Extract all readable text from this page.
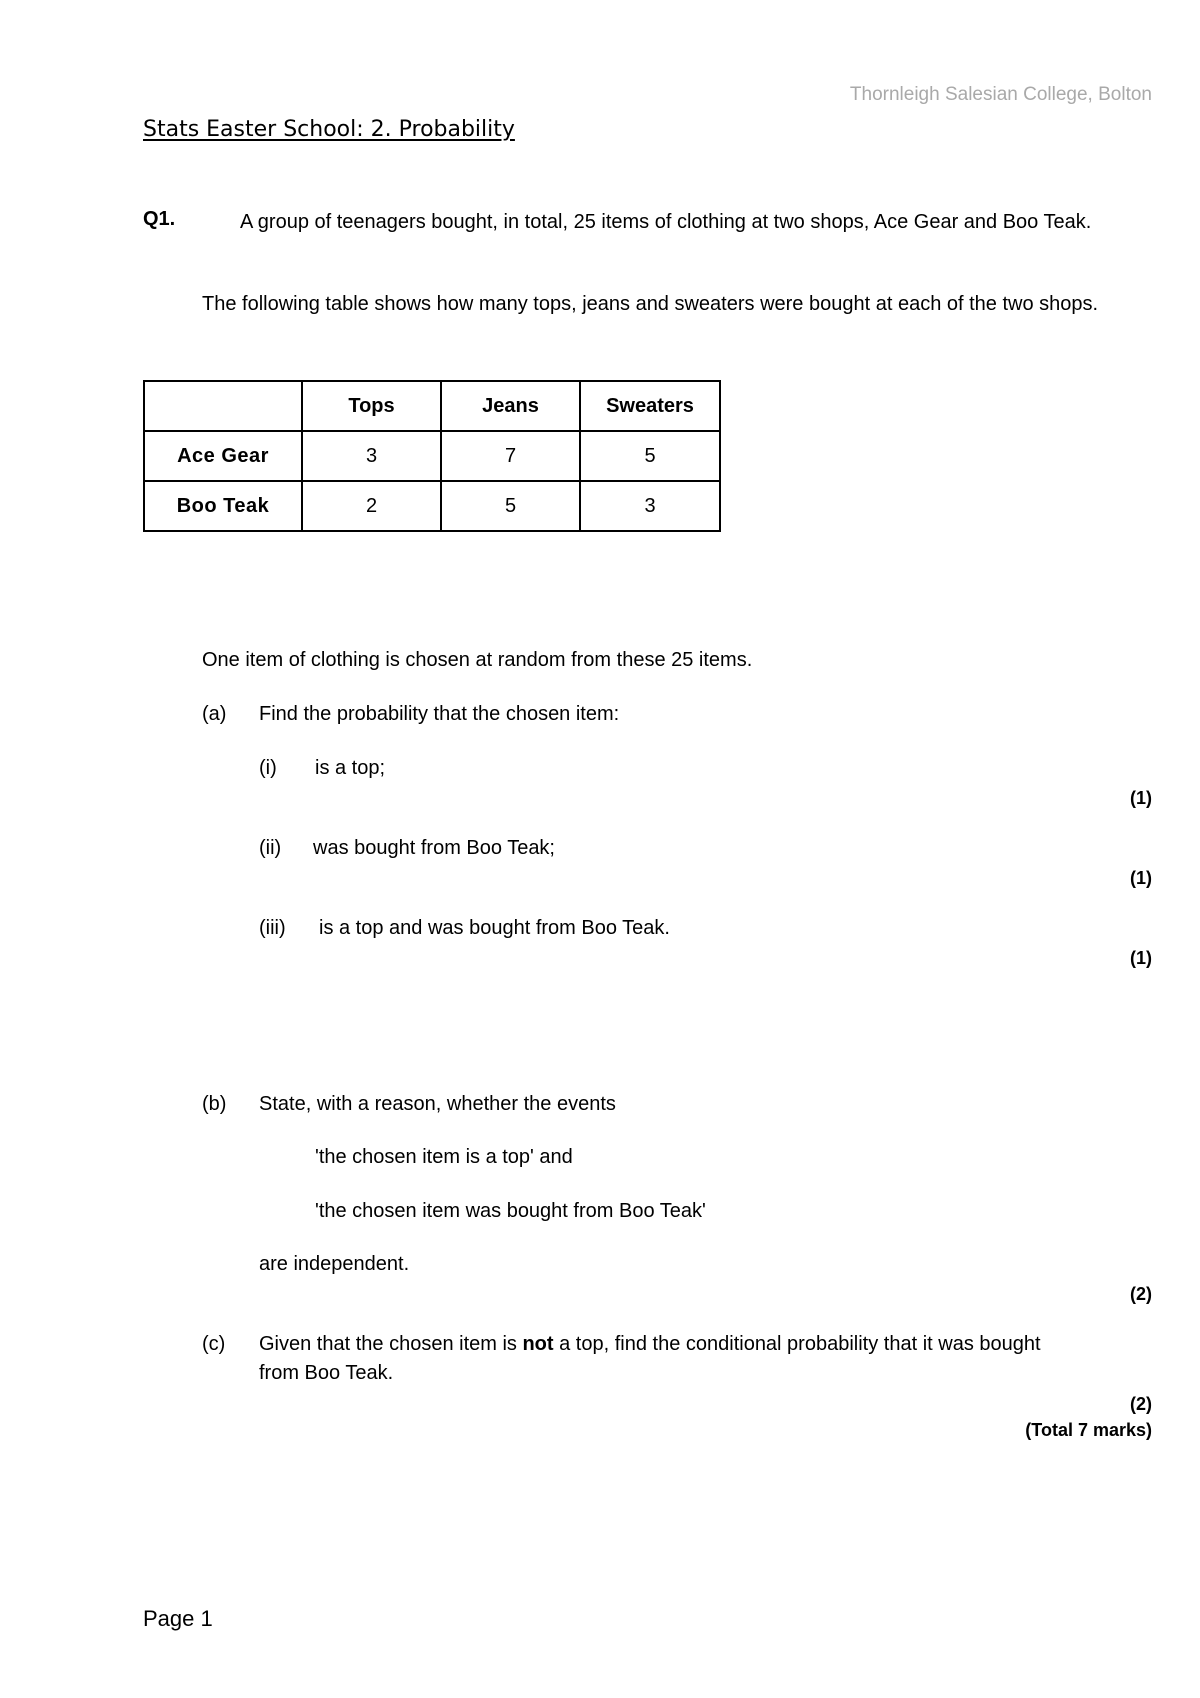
Thornleigh Salesian College, Bolton
Stats Easter School: 2. Probability
Q1.	A group of teenagers bought, in total, 25 items of clothing at two shops, Ace Gear and Boo Teak.
The following table shows how many tops, jeans and sweaters were bought at each of the two shops.
	Tops	Jeans	Sweaters
Ace Gear	3	7	5
Boo Teak	2	5	3
One item of clothing is chosen at random from these 25 items.
(a) Find the probability that the chosen item:
(i) is a top;
(1)
(ii) was bought from Boo Teak;
(1)
(iii) is a top and was bought from Boo Teak.
(1)
(b) State, with a reason, whether the events
'the chosen item is a top' and
'the chosen item was bought from Boo Teak'
are independent.
(2)
(c) Given that the chosen item is not a top, find the conditional probability that it was bought from Boo Teak.
(2)
(Total 7 marks)
Page 1
